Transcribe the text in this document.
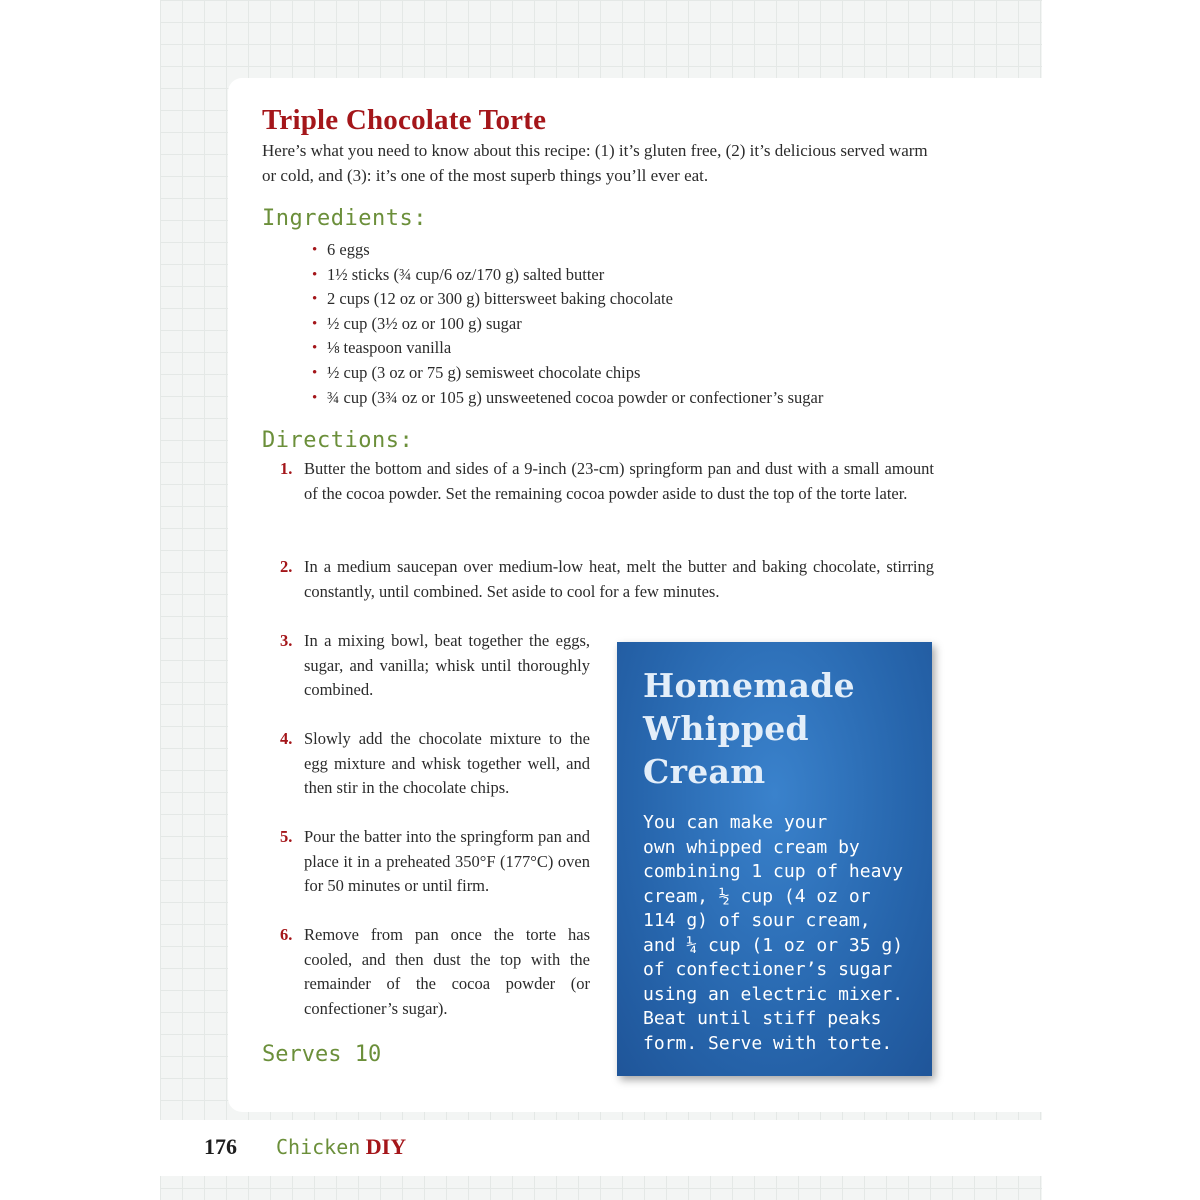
Triple Chocolate Torte

Here’s what you need to know about this recipe: (1) it’s gluten free, (2) it’s delicious served warm or cold, and (3): it’s one of the most superb things you’ll ever eat.

Ingredients:
• 6 eggs
• 1½ sticks (¾ cup/6 oz/170 g) salted butter
• 2 cups (12 oz or 300 g) bittersweet baking chocolate
• ½ cup (3½ oz or 100 g) sugar
• ⅛ teaspoon vanilla
• ½ cup (3 oz or 75 g) semisweet chocolate chips
• ¾ cup (3¾ oz or 105 g) unsweetened cocoa powder or confectioner’s sugar
Directions:
1. Butter the bottom and sides of a 9-inch (23-cm) springform pan and dust with a small amount of the cocoa powder. Set the remaining cocoa powder aside to dust the top of the torte later.
2. In a medium saucepan over medium-low heat, melt the butter and baking chocolate, stirring constantly, until combined. Set aside to cool for a few minutes.
3. In a mixing bowl, beat together the eggs, sugar, and vanilla; whisk until thoroughly combined.
4. Slowly add the chocolate mixture to the egg mixture and whisk together well, and then stir in the chocolate chips.
5. Pour the batter into the springform pan and place it in a preheated 350°F (177°C) oven for 50 minutes or until firm.
6. Remove from pan once the torte has cooled, and then dust the top with the remainder of the cocoa powder (or confectioner’s sugar).

Serves 10

Homemade
Whipped
Cream

You can make your
own whipped cream by
combining 1 cup of heavy
cream, ½ cup (4 oz or
114 g) of sour cream,
and ¼ cup (1 oz or 35 g)
of confectioner’s sugar
using an electric mixer.
Beat until stiff peaks
form. Serve with torte.

176 Chicken DIY
